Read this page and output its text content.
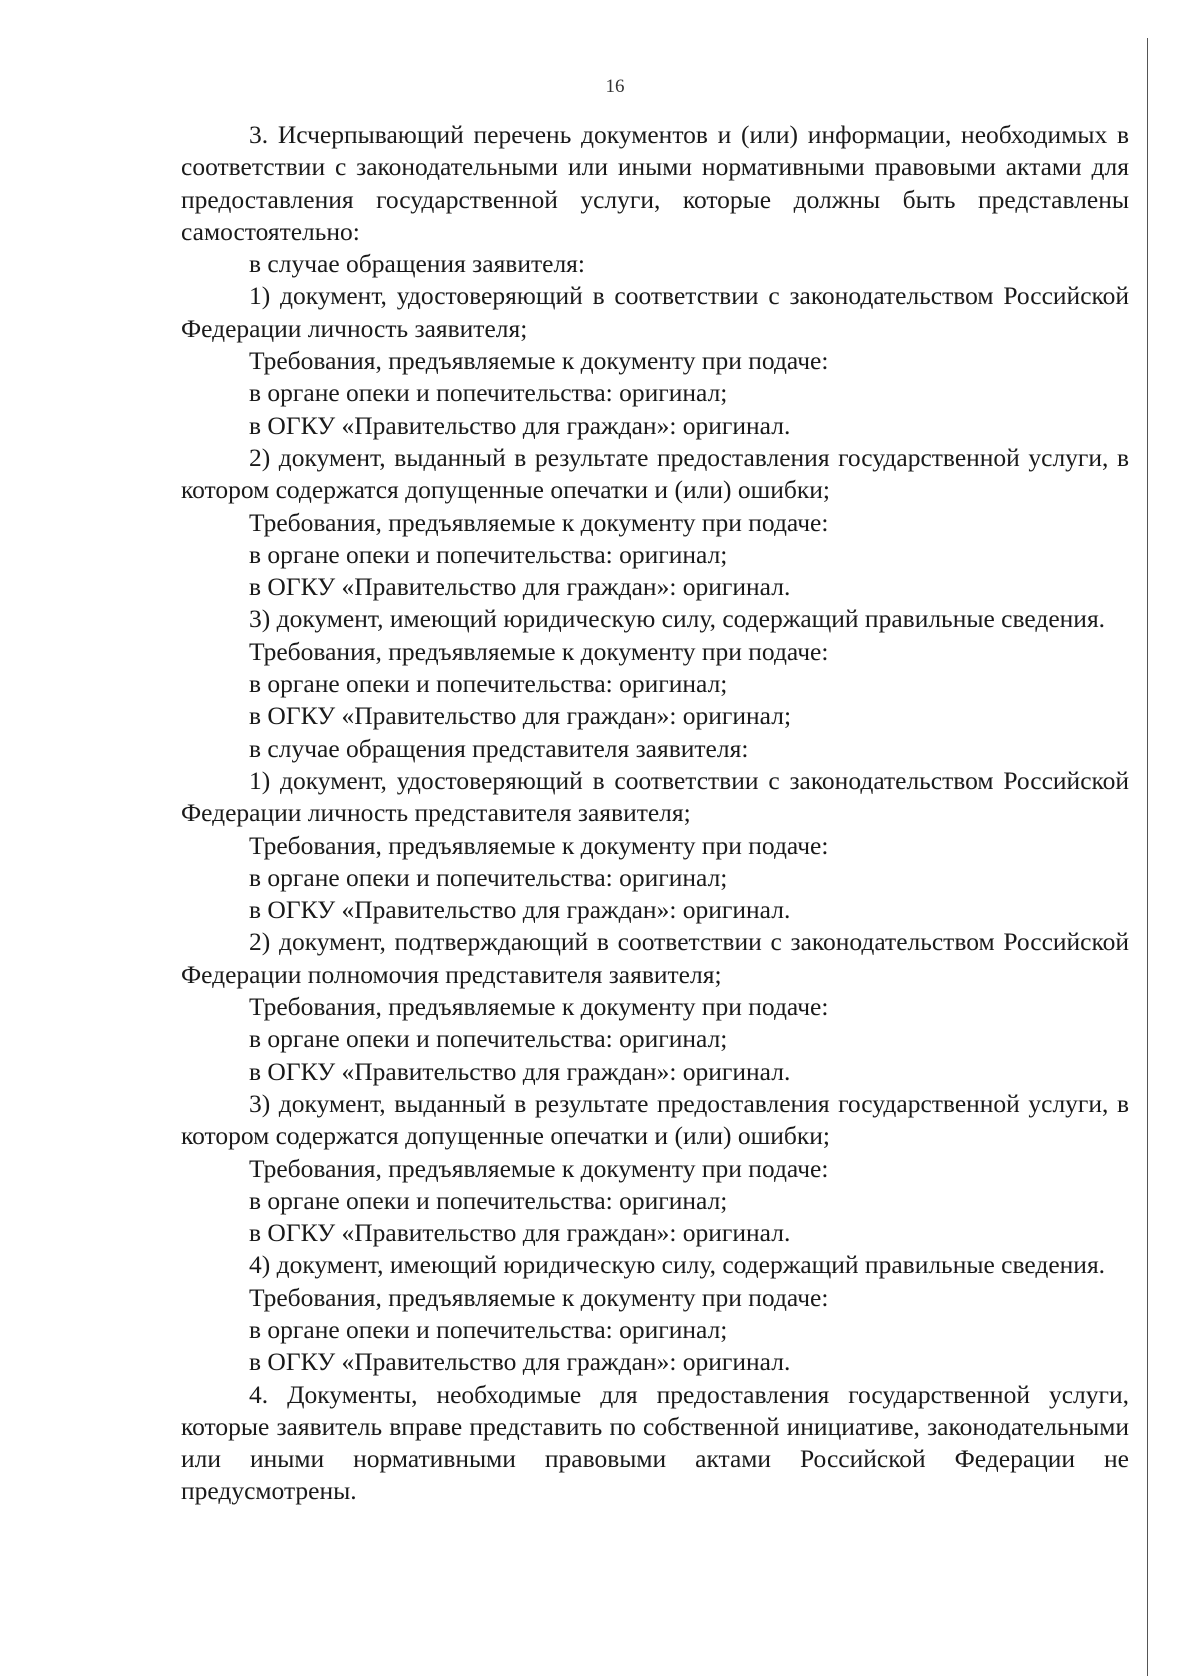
16

3. Исчерпывающий перечень документов и (или) информации, необходимых в соответствии с законодательными или иными нормативными правовыми актами для предоставления государственной услуги, которые должны быть представлены самостоятельно:

в случае обращения заявителя:

1) документ, удостоверяющий в соответствии с законодательством Российской Федерации личность заявителя;

Требования, предъявляемые к документу при подаче:

в органе опеки и попечительства: оригинал;

в ОГКУ «Правительство для граждан»: оригинал.

2) документ, выданный в результате предоставления государственной услуги, в котором содержатся допущенные опечатки и (или) ошибки;

Требования, предъявляемые к документу при подаче:

в органе опеки и попечительства: оригинал;

в ОГКУ «Правительство для граждан»: оригинал.

3) документ, имеющий юридическую силу, содержащий правильные сведения.

Требования, предъявляемые к документу при подаче:

в органе опеки и попечительства: оригинал;

в ОГКУ «Правительство для граждан»: оригинал;

в случае обращения представителя заявителя:

1) документ, удостоверяющий в соответствии с законодательством Российской Федерации личность представителя заявителя;

Требования, предъявляемые к документу при подаче:

в органе опеки и попечительства: оригинал;

в ОГКУ «Правительство для граждан»: оригинал.

2) документ, подтверждающий в соответствии с законодательством Российской Федерации полномочия представителя заявителя;

Требования, предъявляемые к документу при подаче:

в органе опеки и попечительства: оригинал;

в ОГКУ «Правительство для граждан»: оригинал.

3) документ, выданный в результате предоставления государственной услуги, в котором содержатся допущенные опечатки и (или) ошибки;

Требования, предъявляемые к документу при подаче:

в органе опеки и попечительства: оригинал;

в ОГКУ «Правительство для граждан»: оригинал.

4) документ, имеющий юридическую силу, содержащий правильные сведения.

Требования, предъявляемые к документу при подаче:

в органе опеки и попечительства: оригинал;

в ОГКУ «Правительство для граждан»: оригинал.

4. Документы, необходимые для предоставления государственной услуги, которые заявитель вправе представить по собственной инициативе, законодательными или иными нормативными правовыми актами Российской Федерации не предусмотрены.
